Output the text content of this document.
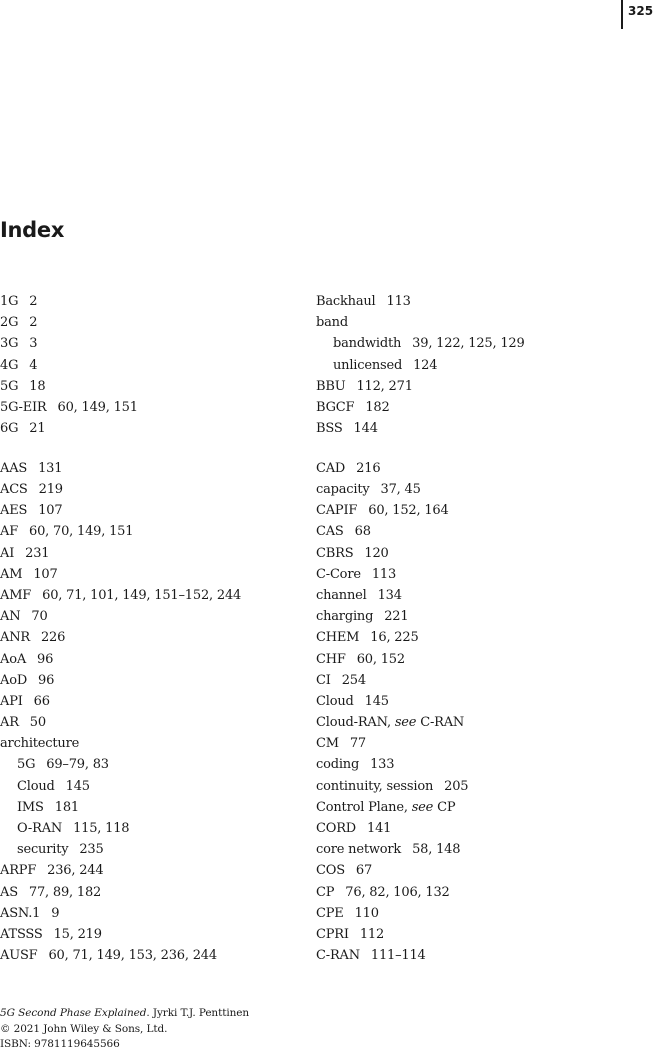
325
Index
1G 2
2G 2
3G 3
4G 4
5G 18
5G-EIR 60, 149, 151
6G 21
AAS 131
ACS 219
AES 107
AF 60, 70, 149, 151
AI 231
AM 107
AMF 60, 71, 101, 149, 151–152, 244
AN 70
ANR 226
AoA 96
AoD 96
API 66
AR 50
architecture
5G 69–79, 83
Cloud 145
IMS 181
O-RAN 115, 118
security 235
ARPF 236, 244
AS 77, 89, 182
ASN.1 9
ATSSS 15, 219
AUSF 60, 71, 149, 153, 236, 244
Backhaul 113
band
bandwidth 39, 122, 125, 129
unlicensed 124
BBU 112, 271
BGCF 182
BSS 144
CAD 216
capacity 37, 45
CAPIF 60, 152, 164
CAS 68
CBRS 120
C-Core 113
channel 134
charging 221
CHEM 16, 225
CHF 60, 152
CI 254
Cloud 145
Cloud-RAN, see C-RAN
CM 77
coding 133
continuity, session 205
Control Plane, see CP
CORD 141
core network 58, 148
COS 67
CP 76, 82, 106, 132
CPE 110
CPRI 112
C-RAN 111–114
5G Second Phase Explained. Jyrki T.J. Penttinen
© 2021 John Wiley & Sons, Ltd.
ISBN: 9781119645566
